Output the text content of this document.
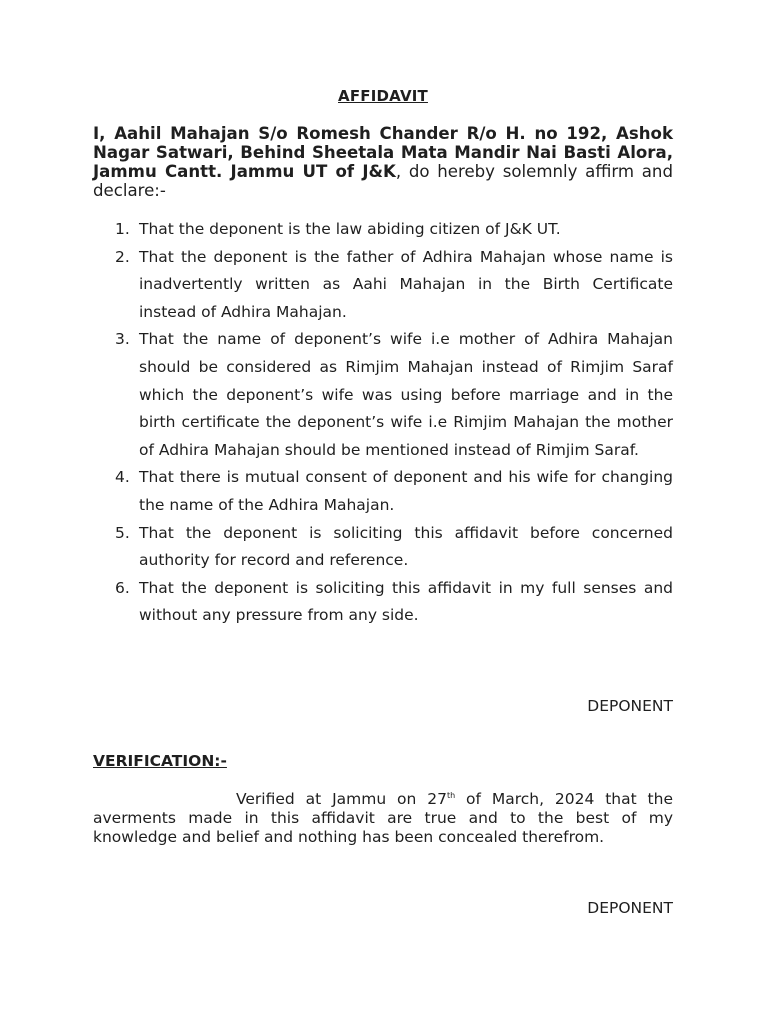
AFFIDAVIT
I, Aahil Mahajan S/o Romesh Chander R/o H. no 192, Ashok Nagar Satwari, Behind Sheetala Mata Mandir Nai Basti Alora, Jammu Cantt. Jammu UT of J&K, do hereby solemnly affirm and declare:-
1. That the deponent is the law abiding citizen of J&K UT.
2. That the deponent is the father of Adhira Mahajan whose name is inadvertently written as Aahi Mahajan in the Birth Certificate instead of Adhira Mahajan.
3. That the name of deponent’s wife i.e mother of Adhira Mahajan should be considered as Rimjim Mahajan instead of Rimjim Saraf which the deponent’s wife was using before marriage and in the birth certificate the deponent’s wife i.e Rimjim Mahajan the mother of Adhira Mahajan should be mentioned instead of Rimjim Saraf.
4. That there is mutual consent of deponent and his wife for changing the name of the Adhira Mahajan.
5. That the deponent is soliciting this affidavit before concerned authority for record and reference.
6. That the deponent is soliciting this affidavit in my full senses and without any pressure from any side.
DEPONENT
VERIFICATION:-
Verified at Jammu on 27th of March, 2024 that the averments made in this affidavit are true and to the best of my knowledge and belief and nothing has been concealed therefrom.
DEPONENT
